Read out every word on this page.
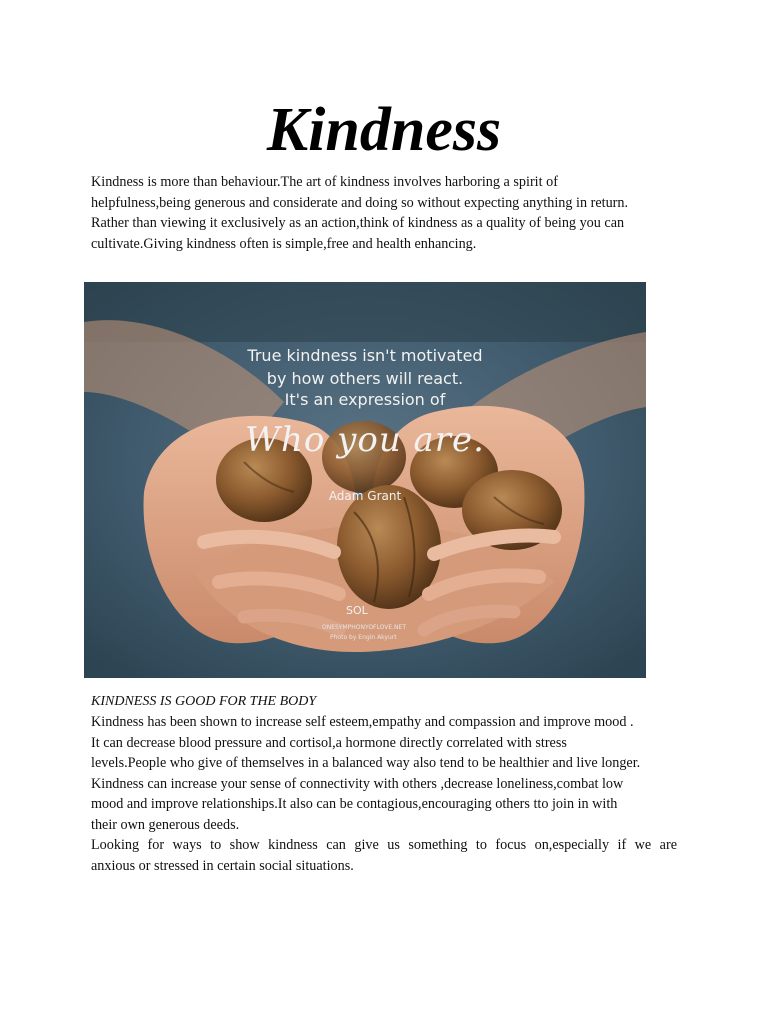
Kindness

Kindness is more than behaviour.The art of kindness involves harboring a spirit of
helpfulness,being generous and considerate and doing so without expecting anything in return.
Rather than viewing it exclusively as an action,think of kindness as a quality of being you can
cultivate.Giving kindness often is simple,free and health enhancing.

True kindness isn't motivated
by how others will react.
It's an expression of
Who you are.
Adam Grant
SOL
ONESYMPHONYOFLOVE.NET
Photo by Engin Akyurt

KINDNESS IS GOOD FOR THE BODY

Kindness has been shown to increase self esteem,empathy and compassion and improve mood .
It can decrease blood pressure and cortisol,a hormone directly correlated with stress
levels.People who give of themselves in a balanced way also tend to be healthier and live longer.
Kindness can increase your sense of connectivity with others ,decrease loneliness,combat low
mood and improve relationships.It also can be contagious,encouraging others tto join in with
their own generous deeds.

Looking for ways to show kindness can give us something to focus on,especially if we are
anxious or stressed in certain social situations.
